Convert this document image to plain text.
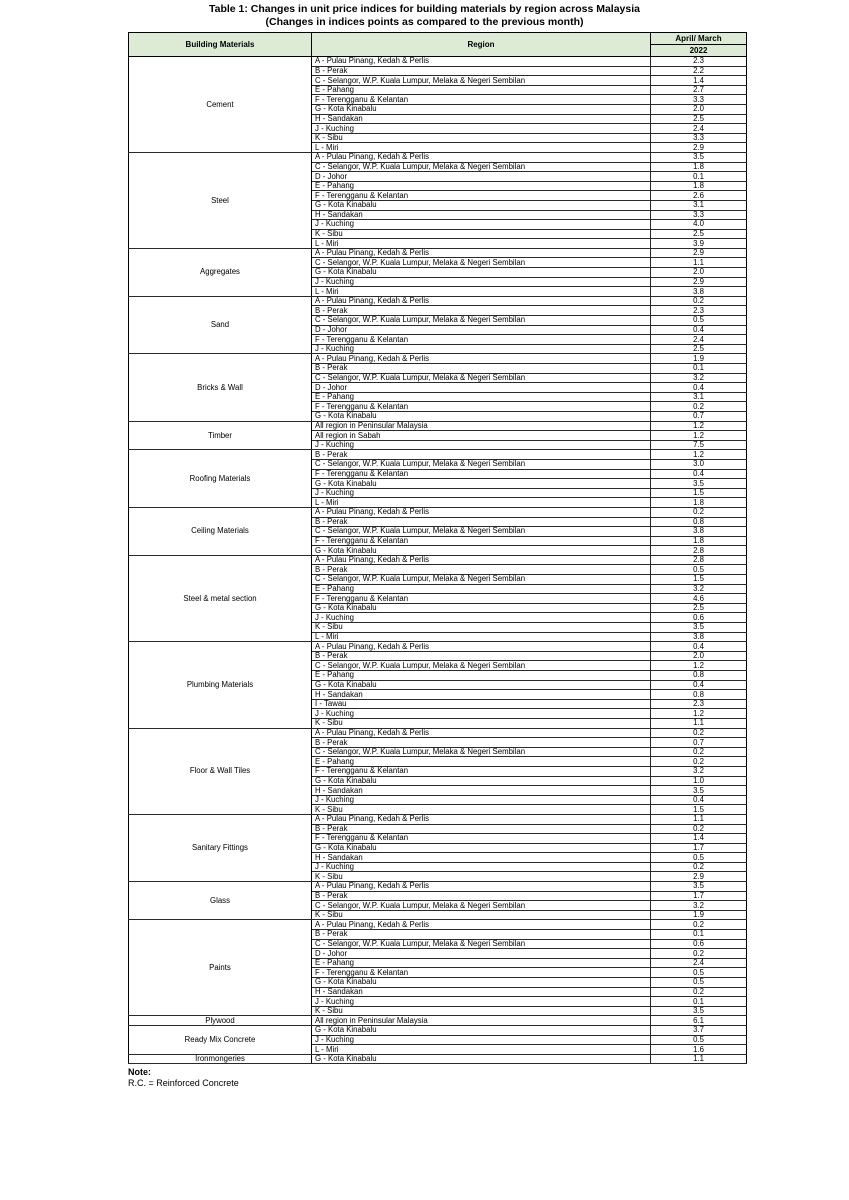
Table 1: Changes in unit price indices for building materials by region across Malaysia
(Changes in indices points as compared to the previous month)
Building Materials	Region	April/ March
		2022
Cement	A - Pulau Pinang, Kedah & Perlis	2.3
	B - Perak	2.2
	C - Selangor, W.P. Kuala Lumpur, Melaka & Negeri Sembilan	1.4
	E - Pahang	2.7
	F - Terengganu & Kelantan	3.3
	G - Kota Kinabalu	2.0
	H - Sandakan	2.5
	J - Kuching	2.4
	K - Sibu	3.3
	L - Miri	2.9
Steel	A - Pulau Pinang, Kedah & Perlis	3.5
	C - Selangor, W.P. Kuala Lumpur, Melaka & Negeri Sembilan	1.8
	D - Johor	0.1
	E - Pahang	1.8
	F - Terengganu & Kelantan	2.6
	G - Kota Kinabalu	3.1
	H - Sandakan	3.3
	J - Kuching	4.0
	K - Sibu	2.5
	L - Miri	3.9
Aggregates	A - Pulau Pinang, Kedah & Perlis	2.9
	C - Selangor, W.P. Kuala Lumpur, Melaka & Negeri Sembilan	1.1
	G - Kota Kinabalu	2.0
	J - Kuching	2.9
	L - Miri	3.8
Sand	A - Pulau Pinang, Kedah & Perlis	0.2
	B - Perak	2.3
	C - Selangor, W.P. Kuala Lumpur, Melaka & Negeri Sembilan	0.5
	D - Johor	0.4
	F - Terengganu & Kelantan	2.4
	J - Kuching	2.5
Bricks & Wall	A - Pulau Pinang, Kedah & Perlis	1.9
	B - Perak	0.1
	C - Selangor, W.P. Kuala Lumpur, Melaka & Negeri Sembilan	3.2
	D - Johor	0.4
	E - Pahang	3.1
	F - Terengganu & Kelantan	0.2
	G - Kota Kinabalu	0.7
Timber	All region in Peninsular Malaysia	1.2
	All region in Sabah	1.2
	J - Kuching	7.5
Roofing Materials	B - Perak	1.2
	C - Selangor, W.P. Kuala Lumpur, Melaka & Negeri Sembilan	3.0
	F - Terengganu & Kelantan	0.4
	G - Kota Kinabalu	3.5
	J - Kuching	1.5
	L - Miri	1.8
Ceiling Materials	A - Pulau Pinang, Kedah & Perlis	0.2
	B - Perak	0.8
	C - Selangor, W.P. Kuala Lumpur, Melaka & Negeri Sembilan	3.8
	F - Terengganu & Kelantan	1.8
	G - Kota Kinabalu	2.8
Steel & metal section	A - Pulau Pinang, Kedah & Perlis	2.8
	B - Perak	0.5
	C - Selangor, W.P. Kuala Lumpur, Melaka & Negeri Sembilan	1.5
	E - Pahang	3.2
	F - Terengganu & Kelantan	4.6
	G - Kota Kinabalu	2.5
	J - Kuching	0.6
	K - Sibu	3.5
	L - Miri	3.8
Plumbing Materials	A - Pulau Pinang, Kedah & Perlis	0.4
	B - Perak	2.0
	C - Selangor, W.P. Kuala Lumpur, Melaka & Negeri Sembilan	1.2
	E - Pahang	0.8
	G - Kota Kinabalu	0.4
	H - Sandakan	0.8
	I - Tawau	2.3
	J - Kuching	1.2
	K - Sibu	1.1
Floor & Wall Tiles	A - Pulau Pinang, Kedah & Perlis	0.2
	B - Perak	0.7
	C - Selangor, W.P. Kuala Lumpur, Melaka & Negeri Sembilan	0.2
	E - Pahang	0.2
	F - Terengganu & Kelantan	3.2
	G - Kota Kinabalu	1.0
	H - Sandakan	3.5
	J - Kuching	0.4
	K - Sibu	1.5
Sanitary Fittings	A - Pulau Pinang, Kedah & Perlis	1.1
	B - Perak	0.2
	F - Terengganu & Kelantan	1.4
	G - Kota Kinabalu	1.7
	H - Sandakan	0.5
	J - Kuching	0.2
	K - Sibu	2.9
Glass	A - Pulau Pinang, Kedah & Perlis	3.5
	B - Perak	1.7
	C - Selangor, W.P. Kuala Lumpur, Melaka & Negeri Sembilan	3.2
	K - Sibu	1.9
Paints	A - Pulau Pinang, Kedah & Perlis	0.2
	B - Perak	0.1
	C - Selangor, W.P. Kuala Lumpur, Melaka & Negeri Sembilan	0.6
	D - Johor	0.2
	E - Pahang	2.4
	F - Terengganu & Kelantan	0.5
	G - Kota Kinabalu	0.5
	H - Sandakan	0.2
	J - Kuching	0.1
	K - Sibu	3.5
Plywood	All region in Peninsular Malaysia	6.1
Ready Mix Concrete	G - Kota Kinabalu	3.7
	J - Kuching	0.5
	L - Miri	1.6
Ironmongeries	G - Kota Kinabalu	1.1
Note:
R.C. = Reinforced Concrete
